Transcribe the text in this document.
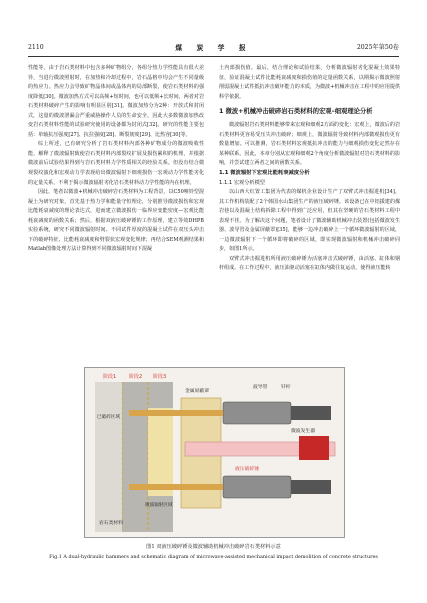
2110	煤 炭 学 报	2025年第50卷

性能等。由于岩石类材料中包含多种矿物组分，各组分热力学性能具有很大差异，当进行微波照射时，在加热和冷却过程中，岩石晶格中均会产生不同量级的热应力。热应力会导致矿物晶体间或晶体内的局部断裂，使岩石类材料的强度降低[30]。微波加热方式可以高频+短时间，也可以低频+长时间，两者对岩石类材料破碎产生的影响有明显区别[31]。微波加热分为2种：开放式和封闭式，这量的微波泄漏会严重威胁操作人员的生命安全，因此大多数微波加热改变岩石类材料性能的试验研究使用的设备都为封闭式[32]。研究的性能主要包括：单轴抗压强度[27]、抗拉强度[28]、断裂韧度[29]、比热容[30]等。

综上所述，已有研究分析了岩石类材料内部各种矿物成分的微波吸收性能，解释了微波辐射致使岩石类材料内部裂纹扩展及损伤累积的机理，并根据微波前后试验结果得到与岩石类材料力学性质相关的经验关系。但没有结合微观裂纹演化和宏观动力学表现给出微波辐射下细观损伤一宏观动力学性能劣化的定量关系，不利于揭示微波辐射劣化岩石类材料动力学性能的内在机理。

因此，笔者以微波+机械冲击破碎岩石类材料为工程背景，以C50哑铃型混凝土为研究对象，首先基于热力学和能量守恒理论，分别推导微波损伤和宏观比能耗衰减度的理论表达式，进而建立微波损伤一临界应变能密度—宏观比能耗衰减度的函数关系；然后，根据双液压破碎锤的工作原理，建立等效DHPB实验系统，研究不同微波辐射时间、不同试件厚度的混凝土试件在双压头冲击下的破碎特征、比能耗衰减度和劈裂状宏观变化规律；再结合SEM观测结果和Matlab图像处理方法计算得到不同微波辐射时间下混凝

土内部损伤值。最后，结合理论和试验结果，分析微波辐射劣化混凝土效果特征，验证混凝土试件比能耗衰减度和损伤值的定量函数关系，以期揭示微波照射削弱混凝土试件抵抗冲击破坏能力的本质，为微波+机械冲击在工程中的应用提供科学依据。

1 微波+机械冲击破碎岩石类材料的宏观–细观理论分析

微波辐射岩石类材料能够带来宏观和细观2方面的变化：宏观上，微波后的岩石类材料更容易受压失冲击破碎；细观上，微波辐射导致材料内部微观损伤更有数量增加。可以推测，岩石类材料宏观抵抗冲击的能力与细观损伤变化定然存在某种联系。因此，本章分别从宏观和细观2个角度分析微波辐射对岩石类材料的影响，并尝试建立两者之间的函数关系。

1.1 微波辐射下宏观比能耗衰减度分析
1.1.1 宏观分析模型

以山西大红置工集团为代表的煤机企业设计生产了双臂式冲击掘进机[34]，其工作机构装配了2个韩国水山集团生产的液压破碎锤。该设备已在中铝援建的煤岩巷以及混凝土结构拆除工程中得到广泛应用，但其在坚硬的岩石类材料工程中表现不佳。为了解决这个问题，笔者设计了微波辅助机械冲击装置(包括微波发生器、波导管及金属屏蔽罩)[35]，能够一边冲击破碎上一个循环微波辐射的区域，一边微波辐射下一个循环即将破碎的区域，即实现微波辐射和机械冲击破碎同步，如图1所示。

双臂式冲击掘进机所用液压破碎锤为活塞冲击式破碎锤，由活塞、缸体和钢杆组成。在工作过程中，液压油驱动活塞在缸体内做往复运动，使得液压能转

阶段1	阶段2 阶段3
金属屏蔽罩
岩石类材料
波导管	钎杆
微波发生器
液压破碎锤
微波辐射区域
已破碎区域
图1 双液压破碎锤及微波辅助机械冲击破碎岩石类材料示意
Fig.1 A dual-hydraulic hammers and schematic diagram of microwave-assisted mechanical impact demolition of concrete structures
